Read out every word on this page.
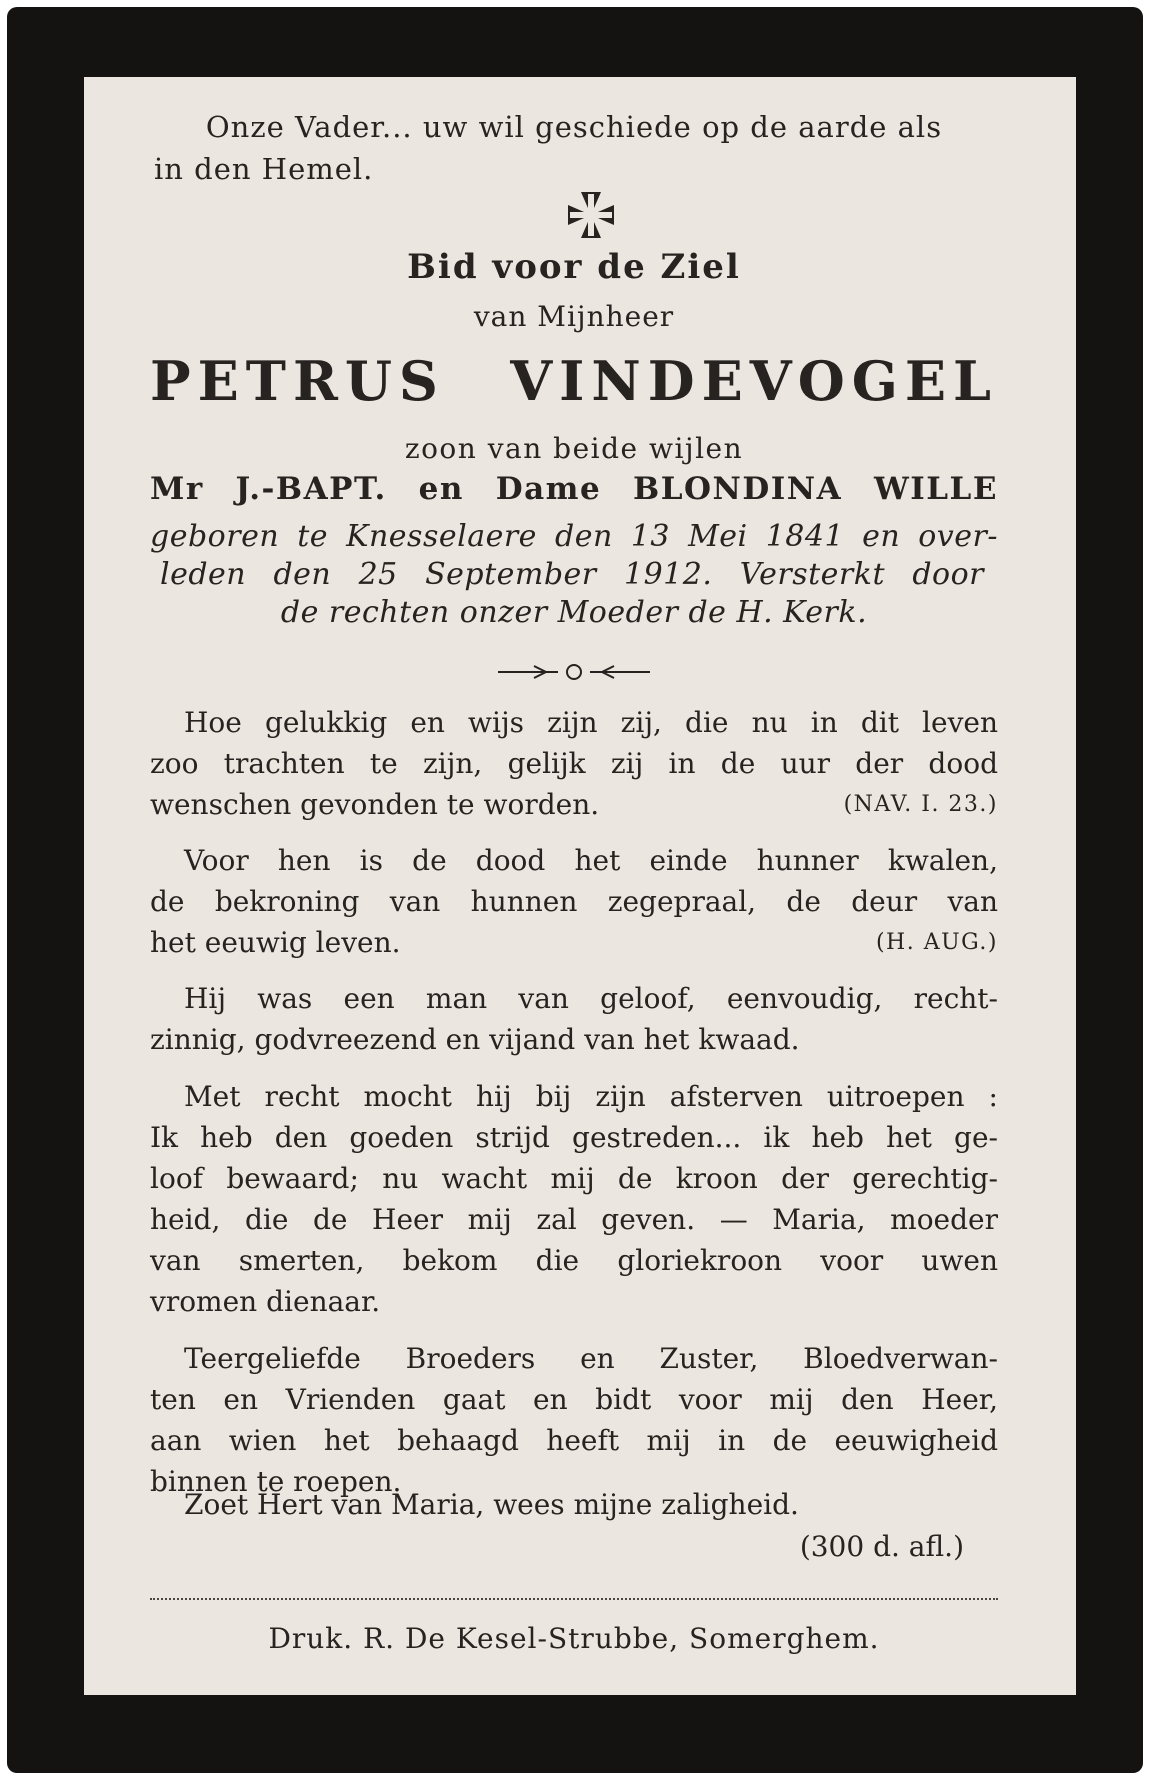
Onze Vader... uw wil geschiede op de aarde als
in den Hemel.
Bid voor de Ziel
van Mijnheer
PETRUS VINDEVOGEL
zoon van beide wijlen
Mr J.-BAPT. en Dame BLONDINA WILLE
geboren te Knesselaere den 13 Mei 1841 en over-
leden den 25 September 1912. Versterkt door
de rechten onzer Moeder de H. Kerk.
Hoe gelukkig en wijs zijn zij, die nu in dit leven
zoo trachten te zijn, gelijk zij in de uur der dood
wenschen gevonden te worden.	(NAV. I. 23.)
Voor hen is de dood het einde hunner kwalen,
de bekroning van hunnen zegepraal, de deur van
het eeuwig leven.	(H. AUG.)
Hij was een man van geloof, eenvoudig, recht-
zinnig, godvreezend en vijand van het kwaad.
Met recht mocht hij bij zijn afsterven uitroepen :
Ik heb den goeden strijd gestreden... ik heb het ge-
loof bewaard; nu wacht mij de kroon der gerechtig-
heid, die de Heer mij zal geven. — Maria, moeder
van smerten, bekom die gloriekroon voor uwen
vromen dienaar.
Teergeliefde Broeders en Zuster, Bloedverwan-
ten en Vrienden gaat en bidt voor mij den Heer,
aan wien het behaagd heeft mij in de eeuwigheid
binnen te roepen.
Zoet Hert van Maria, wees mijne zaligheid.
(300 d. afl.)
Druk. R. De Kesel-Strubbe, Somerghem.
